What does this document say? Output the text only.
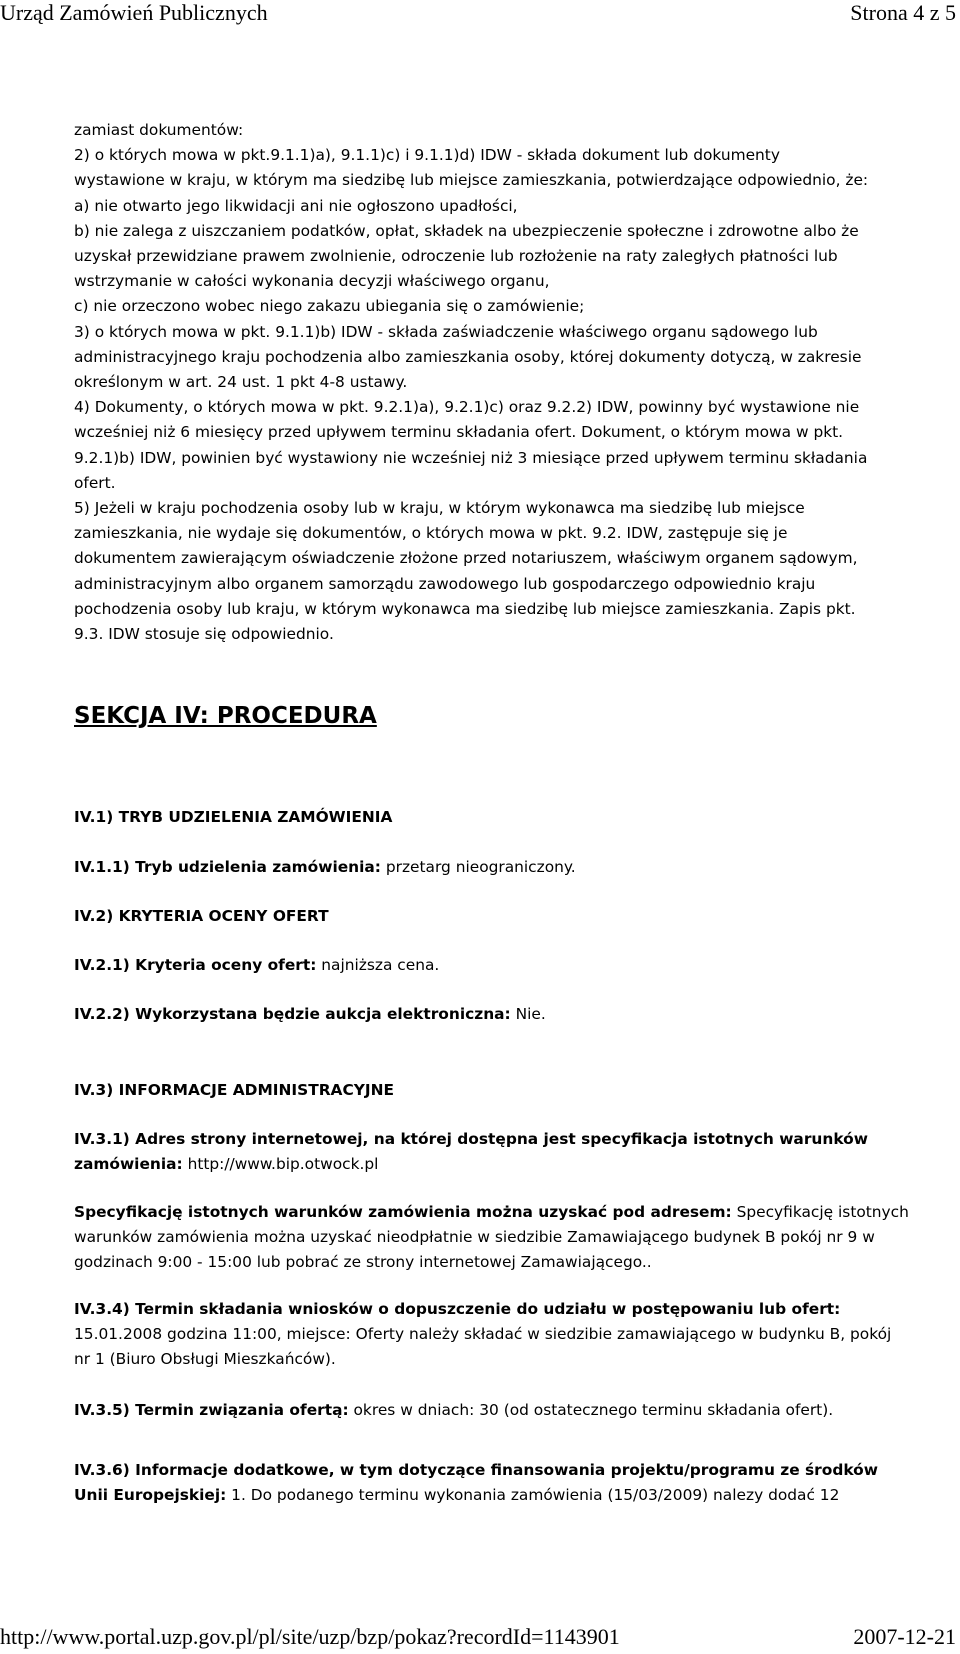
Urząd Zamówień Publicznych	Strona 4 z 5
zamiast dokumentów:
2) o których mowa w pkt.9.1.1)a), 9.1.1)c) i 9.1.1)d) IDW - składa dokument lub dokumenty
wystawione w kraju, w którym ma siedzibę lub miejsce zamieszkania, potwierdzające odpowiednio, że:
a) nie otwarto jego likwidacji ani nie ogłoszono upadłości,
b) nie zalega z uiszczaniem podatków, opłat, składek na ubezpieczenie społeczne i zdrowotne albo że
uzyskał przewidziane prawem zwolnienie, odroczenie lub rozłożenie na raty zaległych płatności lub
wstrzymanie w całości wykonania decyzji właściwego organu,
c) nie orzeczono wobec niego zakazu ubiegania się o zamówienie;
3) o których mowa w pkt. 9.1.1)b) IDW - składa zaświadczenie właściwego organu sądowego lub
administracyjnego kraju pochodzenia albo zamieszkania osoby, której dokumenty dotyczą, w zakresie
określonym w art. 24 ust. 1 pkt 4-8 ustawy.
4) Dokumenty, o których mowa w pkt. 9.2.1)a), 9.2.1)c) oraz 9.2.2) IDW, powinny być wystawione nie
wcześniej niż 6 miesięcy przed upływem terminu składania ofert. Dokument, o którym mowa w pkt.
9.2.1)b) IDW, powinien być wystawiony nie wcześniej niż 3 miesiące przed upływem terminu składania
ofert.
5) Jeżeli w kraju pochodzenia osoby lub w kraju, w którym wykonawca ma siedzibę lub miejsce
zamieszkania, nie wydaje się dokumentów, o których mowa w pkt. 9.2. IDW, zastępuje się je
dokumentem zawierającym oświadczenie złożone przed notariuszem, właściwym organem sądowym,
administracyjnym albo organem samorządu zawodowego lub gospodarczego odpowiednio kraju
pochodzenia osoby lub kraju, w którym wykonawca ma siedzibę lub miejsce zamieszkania. Zapis pkt.
9.3. IDW stosuje się odpowiednio.
SEKCJA IV: PROCEDURA
IV.1) TRYB UDZIELENIA ZAMÓWIENIA
IV.1.1) Tryb udzielenia zamówienia: przetarg nieograniczony.
IV.2) KRYTERIA OCENY OFERT
IV.2.1) Kryteria oceny ofert: najniższa cena.
IV.2.2) Wykorzystana będzie aukcja elektroniczna: Nie.
IV.3) INFORMACJE ADMINISTRACYJNE
IV.3.1) Adres strony internetowej, na której dostępna jest specyfikacja istotnych warunków
zamówienia: http://www.bip.otwock.pl
Specyfikację istotnych warunków zamówienia można uzyskać pod adresem: Specyfikację istotnych
warunków zamówienia można uzyskać nieodpłatnie w siedzibie Zamawiającego budynek B pokój nr 9 w
godzinach 9:00 - 15:00 lub pobrać ze strony internetowej Zamawiającego..
IV.3.4) Termin składania wniosków o dopuszczenie do udziału w postępowaniu lub ofert:
15.01.2008 godzina 11:00, miejsce: Oferty należy składać w siedzibie zamawiającego w budynku B, pokój
nr 1 (Biuro Obsługi Mieszkańców).
IV.3.5) Termin związania ofertą: okres w dniach: 30 (od ostatecznego terminu składania ofert).
IV.3.6) Informacje dodatkowe, w tym dotyczące finansowania projektu/programu ze środków
Unii Europejskiej: 1. Do podanego terminu wykonania zamówienia (15/03/2009) nalezy dodać 12
http://www.portal.uzp.gov.pl/pl/site/uzp/bzp/pokaz?recordId=1143901	2007-12-21
